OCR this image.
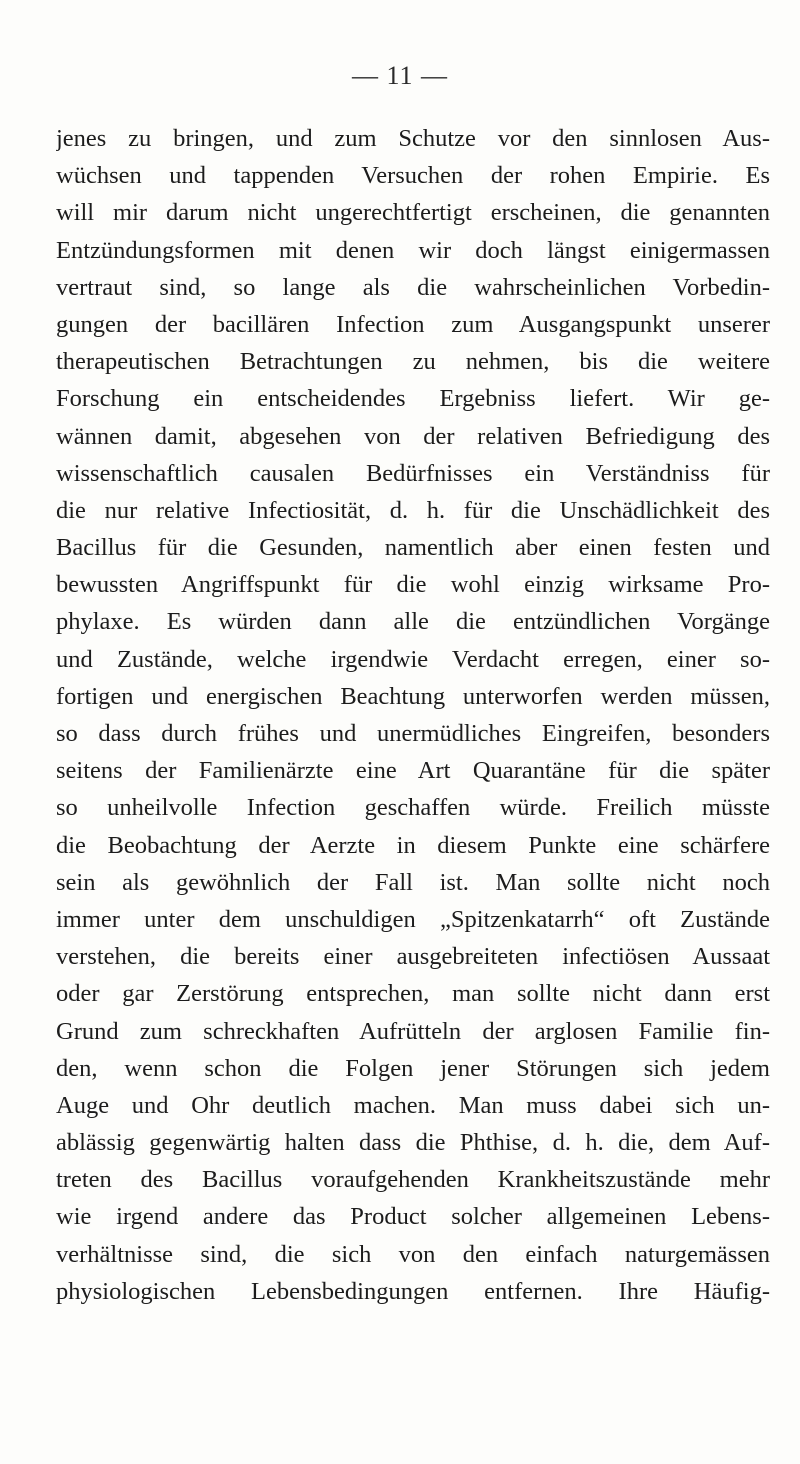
— 11 —
jenes zu bringen, und zum Schutze vor den sinnlosen Aus-
wüchsen und tappenden Versuchen der rohen Empirie. Es
will mir darum nicht ungerechtfertigt erscheinen, die genannten
Entzündungsformen mit denen wir doch längst einigermassen
vertraut sind, so lange als die wahrscheinlichen Vorbedin-
gungen der bacillären Infection zum Ausgangspunkt unserer
therapeutischen Betrachtungen zu nehmen, bis die weitere
Forschung ein entscheidendes Ergebniss liefert. Wir ge-
wännen damit, abgesehen von der relativen Befriedigung des
wissenschaftlich causalen Bedürfnisses ein Verständniss für
die nur relative Infectiosität, d. h. für die Unschädlichkeit des
Bacillus für die Gesunden, namentlich aber einen festen und
bewussten Angriffspunkt für die wohl einzig wirksame Pro-
phylaxe. Es würden dann alle die entzündlichen Vorgänge
und Zustände, welche irgendwie Verdacht erregen, einer so-
fortigen und energischen Beachtung unterworfen werden müssen,
so dass durch frühes und unermüdliches Eingreifen, besonders
seitens der Familienärzte eine Art Quarantäne für die später
so unheilvolle Infection geschaffen würde. Freilich müsste
die Beobachtung der Aerzte in diesem Punkte eine schärfere
sein als gewöhnlich der Fall ist. Man sollte nicht noch
immer unter dem unschuldigen „Spitzenkatarrh“ oft Zustände
verstehen, die bereits einer ausgebreiteten infectiösen Aussaat
oder gar Zerstörung entsprechen, man sollte nicht dann erst
Grund zum schreckhaften Aufrütteln der arglosen Familie fin-
den, wenn schon die Folgen jener Störungen sich jedem
Auge und Ohr deutlich machen. Man muss dabei sich un-
ablässig gegenwärtig halten dass die Phthise, d. h. die, dem Auf-
treten des Bacillus voraufgehenden Krankheitszustände mehr
wie irgend andere das Product solcher allgemeinen Lebens-
verhältnisse sind, die sich von den einfach naturgemässen
physiologischen Lebensbedingungen entfernen. Ihre Häufig-
